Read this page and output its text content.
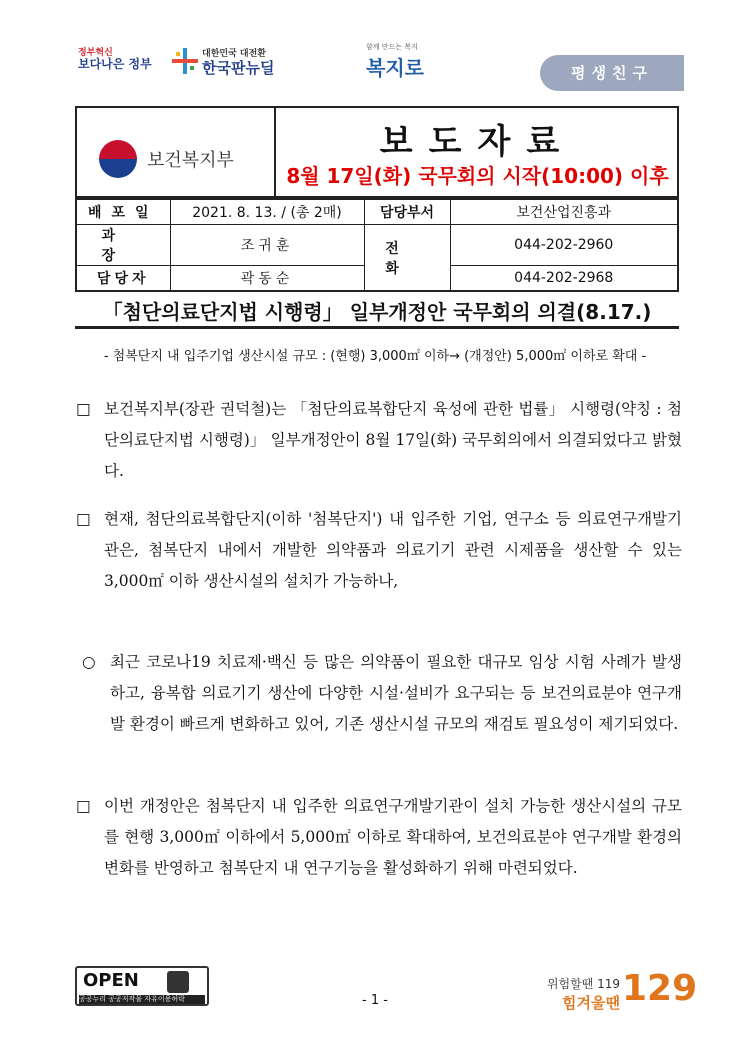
정부혁신
보다나은 정부
대한민국 대전환
한국판뉴딜
함께 만드는 복지
복지로	평생친구
보건복지부	보도자료
8월 17일(화) 국무회의 시작(10:00) 이후
배포일	2021. 8. 13. / (총 2매)	담당부서	보건산업진흥과
과장	조귀훈	전화	044-202-2960
담당자	곽동순		044-202-2968
「첨단의료단지법 시행령」 일부개정안 국무회의 의결(8.17.)
- 첨복단지 내 입주기업 생산시설 규모 : (현행) 3,000㎡ 이하→ (개정안) 5,000㎡ 이하로 확대 -
□ 보건복지부(장관 권덕철)는 「첨단의료복합단지 육성에 관한 법률」 시행령(약칭 : 첨단의료단지법 시행령)」 일부개정안이 8월 17일(화) 국무회의에서 의결되었다고 밝혔다.
□ 현재, 첨단의료복합단지(이하 '첨복단지') 내 입주한 기업, 연구소 등 의료연구개발기관은, 첨복단지 내에서 개발한 의약품과 의료기기 관련 시제품을 생산할 수 있는 3,000㎡ 이하 생산시설의 설치가 가능하나,
○ 최근 코로나19 치료제·백신 등 많은 의약품이 필요한 대규모 임상 시험 사례가 발생하고, 융복합 의료기기 생산에 다양한 시설·설비가 요구되는 등 보건의료분야 연구개발 환경이 빠르게 변화하고 있어, 기존 생산시설 규모의 재검토 필요성이 제기되었다.
□ 이번 개정안은 첨복단지 내 입주한 의료연구개발기관이 설치 가능한 생산시설의 규모를 현행 3,000㎡ 이하에서 5,000㎡ 이하로 확대하여, 보건의료분야 연구개발 환경의 변화를 반영하고 첨복단지 내 연구기능을 활성화하기 위해 마련되었다.
OPEN
공공누리 공공저작물 자유이용허락	- 1 -
위험할땐 119
힘겨울땐 129
